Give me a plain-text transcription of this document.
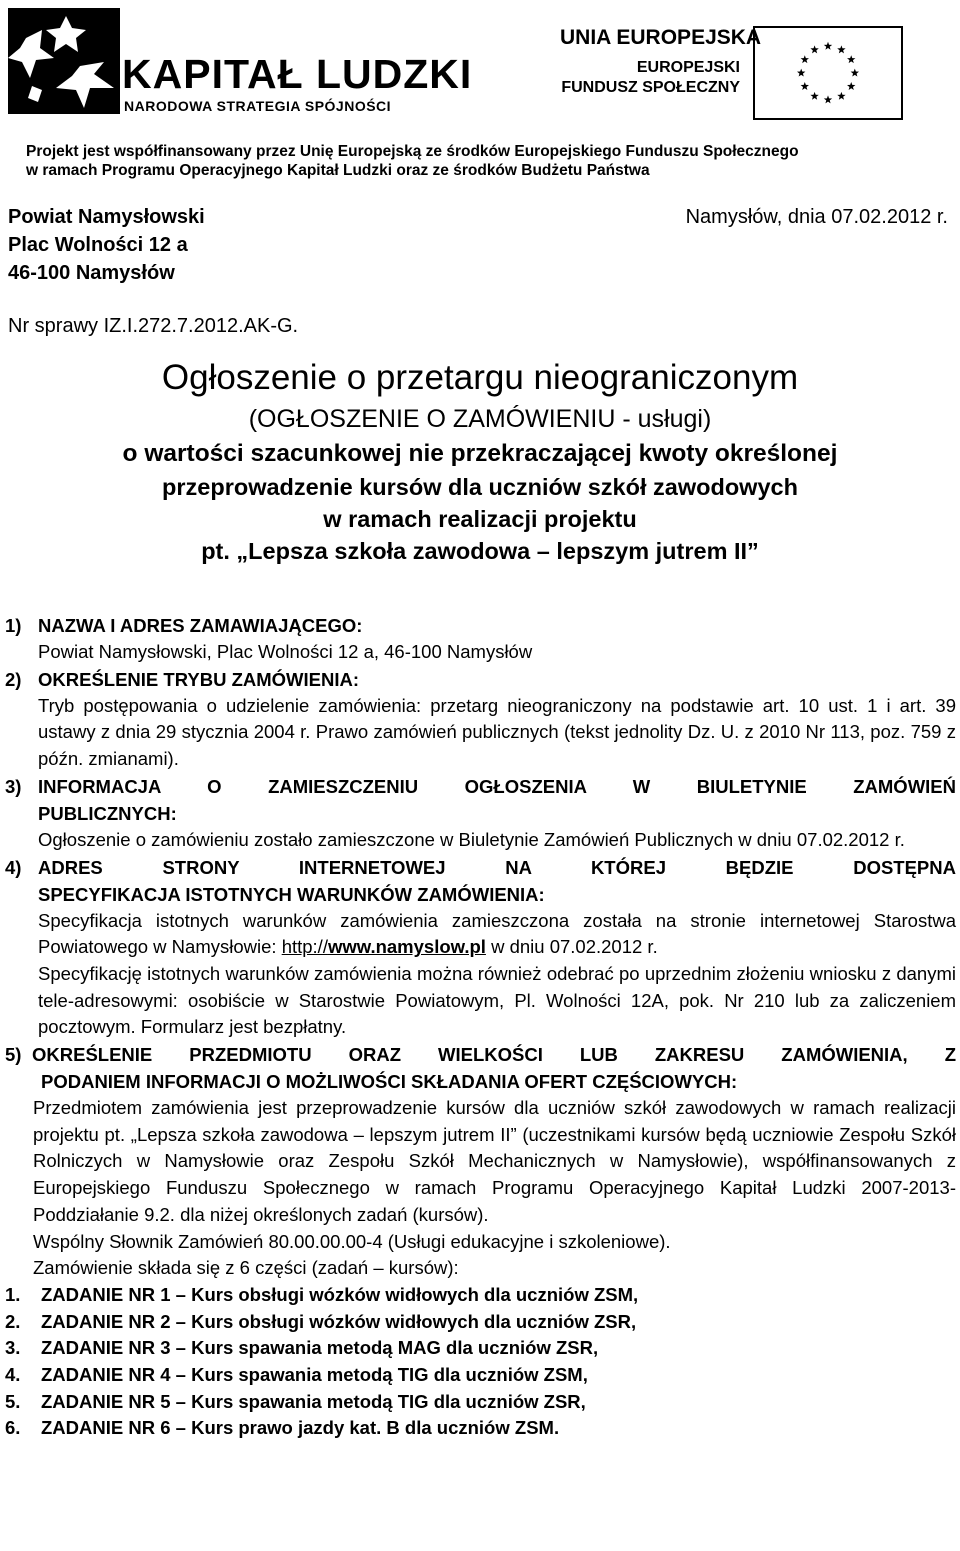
KAPITAŁ LUDZKI
NARODOWA STRATEGIA SPÓJNOŚCI
UNIA EUROPEJSKA
EUROPEJSKI
FUNDUSZ SPOŁECZNY
Projekt jest współfinansowany przez Unię Europejską ze środków Europejskiego Funduszu Społecznego
w ramach Programu Operacyjnego Kapitał Ludzki oraz ze środków Budżetu Państwa
Powiat Namysłowski
Plac Wolności 12 a
46-100 Namysłów
Namysłów, dnia 07.02.2012 r.
Nr sprawy IZ.I.272.7.2012.AK-G.
Ogłoszenie o przetargu nieograniczonym
(OGŁOSZENIE O ZAMÓWIENIU - usługi)
o wartości szacunkowej nie przekraczającej kwoty określonej
przeprowadzenie kursów dla uczniów szkół zawodowych
w ramach realizacji projektu
pt. „Lepsza szkoła zawodowa – lepszym jutrem II”
1) NAZWA I ADRES ZAMAWIAJĄCEGO:

Powiat Namysłowski, Plac Wolności 12 a, 46-100 Namysłów

2) OKREŚLENIE TRYBU ZAMÓWIENIA:

Tryb postępowania o udzielenie zamówienia: przetarg nieograniczony na podstawie art. 10 ust. 1 i art. 39 ustawy z dnia 29 stycznia 2004 r. Prawo zamówień publicznych (tekst jednolity Dz. U. z 2010 Nr 113, poz. 759 z późn. zmianami).

3) INFORMACJA O ZAMIESZCZENIU OGŁOSZENIA W BIULETYNIE ZAMÓWIEŃ
PUBLICZNYCH:

Ogłoszenie o zamówieniu zostało zamieszczone w Biuletynie Zamówień Publicznych w dniu 07.02.2012 r.

4) ADRES STRONY INTERNETOWEJ NA KTÓREJ BĘDZIE DOSTĘPNA
SPECYFIKACJA ISTOTNYCH WARUNKÓW ZAMÓWIENIA:

Specyfikacja istotnych warunków zamówienia zamieszczona została na stronie internetowej Starostwa Powiatowego w Namysłowie: http://www.namyslow.pl w dniu 07.02.2012 r.

Specyfikację istotnych warunków zamówienia można również odebrać po uprzednim złożeniu wniosku z danymi tele-adresowymi: osobiście w Starostwie Powiatowym, Pl. Wolności 12A, pok. Nr 210 lub za zaliczeniem pocztowym. Formularz jest bezpłatny.

5) OKREŚLENIE PRZEDMIOTU ORAZ WIELKOŚCI LUB ZAKRESU ZAMÓWIENIA, Z
PODANIEM INFORMACJI O MOŻLIWOŚCI SKŁADANIA OFERT CZĘŚCIOWYCH:

Przedmiotem zamówienia jest przeprowadzenie kursów dla uczniów szkół zawodowych w ramach realizacji projektu pt. „Lepsza szkoła zawodowa – lepszym jutrem II” (uczestnikami kursów będą uczniowie Zespołu Szkół Rolniczych w Namysłowie oraz Zespołu Szkół Mechanicznych w Namysłowie), współfinansowanych z Europejskiego Funduszu Społecznego w ramach Programu Operacyjnego Kapitał Ludzki 2007-2013- Poddziałanie 9.2. dla niżej określonych zadań (kursów).

Wspólny Słownik Zamówień 80.00.00.00-4 (Usługi edukacyjne i szkoleniowe).

Zamówienie składa się z 6 części (zadań – kursów):

1. ZADANIE NR 1 – Kurs obsługi wózków widłowych dla uczniów ZSM,
2. ZADANIE NR 2 – Kurs obsługi wózków widłowych dla uczniów ZSR,
3. ZADANIE NR 3 – Kurs spawania metodą MAG dla uczniów ZSR,
4. ZADANIE NR 4 – Kurs spawania metodą TIG dla uczniów ZSM,
5. ZADANIE NR 5 – Kurs spawania metodą TIG dla uczniów ZSR,
6. ZADANIE NR 6 – Kurs prawo jazdy kat. B dla uczniów ZSM.
